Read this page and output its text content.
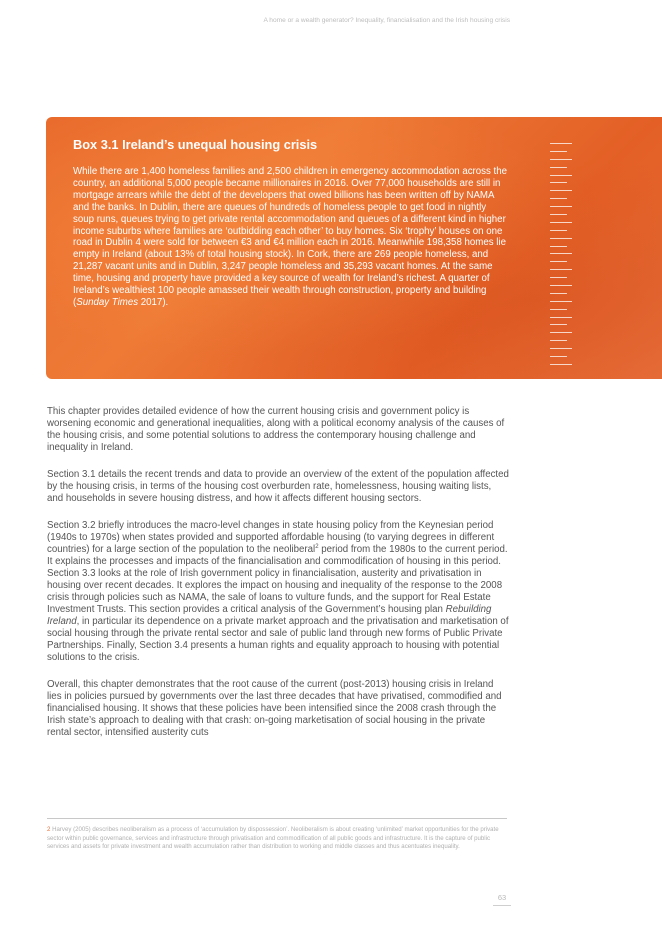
A home or a wealth generator? Inequality, financialisation and the Irish housing crisis
Box 3.1 Ireland’s unequal housing crisis
While there are 1,400 homeless families and 2,500 children in emergency accommodation across the country, an additional 5,000 people became millionaires in 2016. Over 77,000 households are still in mortgage arrears while the debt of the developers that owed billions has been written off by NAMA and the banks. In Dublin, there are queues of hundreds of homeless people to get food in nightly soup runs, queues trying to get private rental accommodation and queues of a different kind in higher income suburbs where families are ‘outbidding each other’ to buy homes. Six ‘trophy’ houses on one road in Dublin 4 were sold for between €3 and €4 million each in 2016. Meanwhile 198,358 homes lie empty in Ireland (about 13% of total housing stock). In Cork, there are 269 people homeless, and 21,287 vacant units and in Dublin, 3,247 people homeless and 35,293 vacant homes. At the same time, housing and property have provided a key source of wealth for Ireland’s richest. A quarter of Ireland’s wealthiest 100 people amassed their wealth through construction, property and building (Sunday Times 2017).

This chapter provides detailed evidence of how the current housing crisis and government policy is worsening economic and generational inequalities, along with a political economy analysis of the causes of the housing crisis, and some potential solutions to address the contemporary housing challenge and inequality in Ireland.

Section 3.1 details the recent trends and data to provide an overview of the extent of the population affected by the housing crisis, in terms of the housing cost overburden rate, homelessness, housing waiting lists, and households in severe housing distress, and how it affects different housing sectors.

Section 3.2 briefly introduces the macro-level changes in state housing policy from the Keynesian period (1940s to 1970s) when states provided and supported affordable housing (to varying degrees in different countries) for a large section of the population to the neoliberal$^2$ period from the 1980s to the current period. It explains the processes and impacts of the financialisation and commodification of housing in this period. Section 3.3 looks at the role of Irish government policy in financialisation, austerity and privatisation in housing over recent decades. It explores the impact on housing and inequality of the response to the 2008 crisis through policies such as NAMA, the sale of loans to vulture funds, and the support for Real Estate Investment Trusts. This section provides a critical analysis of the Government’s housing plan Rebuilding Ireland, in particular its dependence on a private market approach and the privatisation and marketisation of social housing through the private rental sector and sale of public land through new forms of Public Private Partnerships. Finally, Section 3.4 presents a human rights and equality approach to housing with potential solutions to the crisis.

Overall, this chapter demonstrates that the root cause of the current (post-2013) housing crisis in Ireland lies in policies pursued by governments over the last three decades that have privatised, commodified and financialised housing. It shows that these policies have been intensified since the 2008 crash through the Irish state’s approach to dealing with that crash: on-going marketisation of social housing in the private rental sector, intensified austerity cuts

2 Harvey (2005) describes neoliberalism as a process of ‘accumulation by dispossession’. Neoliberalism is about creating ‘unlimited’ market opportunities for the private sector within public governance, services and infrastructure through privatisation and commodification of all public goods and infrastructure. It is the capture of public services and assets for private investment and wealth accumulation rather than distribution to working and middle classes and thus acentuates inequality.
63
